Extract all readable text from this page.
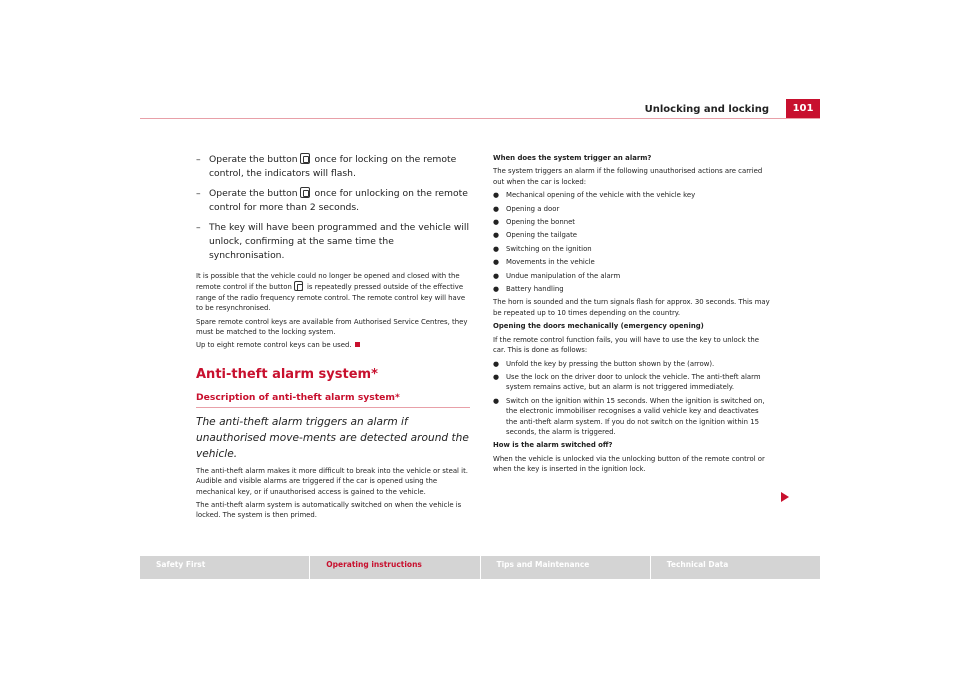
Unlocking and locking	101
– Operate the button once for locking on the remote control, the indicators will flash.
– Operate the button once for unlocking on the remote control for more than 2 seconds.
– The key will have been programmed and the vehicle will unlock, confirming at the same time the synchronisation.

It is possible that the vehicle could no longer be opened and closed with the remote control if the button is repeatedly pressed outside of the effective range of the radio frequency remote control. The remote control key will have to be resynchronised.

Spare remote control keys are available from Authorised Service Centres, they must be matched to the locking system.

Up to eight remote control keys can be used.

Anti-theft alarm system*
Description of anti-theft alarm system*

The anti-theft alarm triggers an alarm if unauthorised move-ments are detected around the vehicle.

The anti-theft alarm makes it more difficult to break into the vehicle or steal it. Audible and visible alarms are triggered if the car is opened using the mechanical key, or if unauthorised access is gained to the vehicle.

The anti-theft alarm system is automatically switched on when the vehicle is locked. The system is then primed.

When does the system trigger an alarm?

The system triggers an alarm if the following unauthorised actions are carried out when the car is locked:

● Mechanical opening of the vehicle with the vehicle key

● Opening a door

● Opening the bonnet

● Opening the tailgate

● Switching on the ignition

● Movements in the vehicle

● Undue manipulation of the alarm

● Battery handling

The horn is sounded and the turn signals flash for approx. 30 seconds. This may be repeated up to 10 times depending on the country.

Opening the doors mechanically (emergency opening)

If the remote control function fails, you will have to use the key to unlock the car. This is done as follows:

● Unfold the key by pressing the button shown by the (arrow).

● Use the lock on the driver door to unlock the vehicle. The anti-theft alarm system remains active, but an alarm is not triggered immediately.

● Switch on the ignition within 15 seconds. When the ignition is switched on, the electronic immobiliser recognises a valid vehicle key and deactivates the anti-theft alarm system. If you do not switch on the ignition within 15 seconds, the alarm is triggered.

How is the alarm switched off?

When the vehicle is unlocked via the unlocking button of the remote control or when the key is inserted in the ignition lock.

Safety First	Operating instructions	Tips and Maintenance	Technical Data
